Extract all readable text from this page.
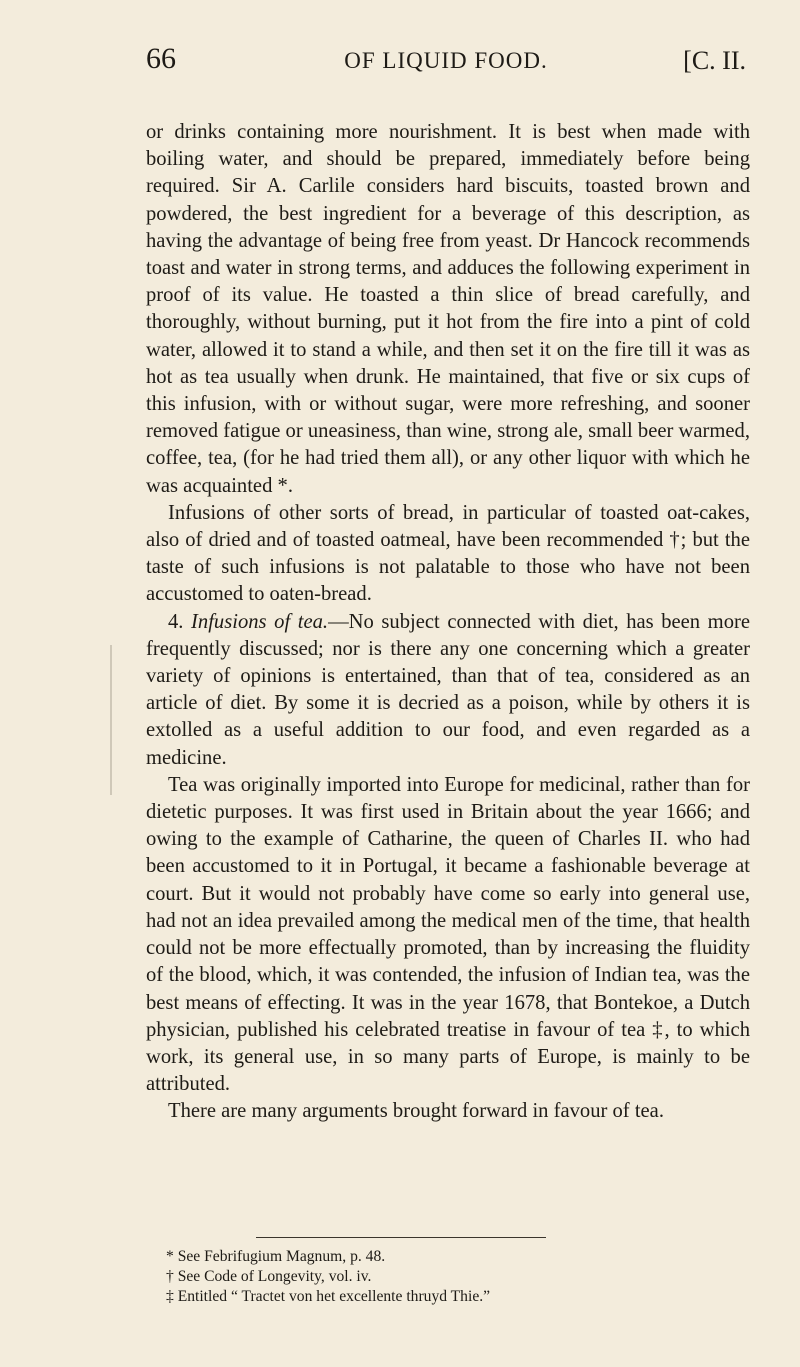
66	OF LIQUID FOOD.	[C. II.

or drinks containing more nourishment. It is best when made with boiling water, and should be prepared, immediately before being required. Sir A. Carlile considers hard biscuits, toasted brown and powdered, the best ingredient for a beverage of this description, as having the advantage of being free from yeast. Dr Hancock recommends toast and water in strong terms, and adduces the following experiment in proof of its value. He toasted a thin slice of bread carefully, and thoroughly, without burning, put it hot from the fire into a pint of cold water, allowed it to stand a while, and then set it on the fire till it was as hot as tea usually when drunk. He maintained, that five or six cups of this infusion, with or without sugar, were more refreshing, and sooner removed fatigue or uneasiness, than wine, strong ale, small beer warmed, coffee, tea, (for he had tried them all), or any other liquor with which he was acquainted *.

Infusions of other sorts of bread, in particular of toasted oat-cakes, also of dried and of toasted oatmeal, have been recommended †; but the taste of such infusions is not palatable to those who have not been accustomed to oaten-bread.

4. Infusions of tea.—No subject connected with diet, has been more frequently discussed; nor is there any one concerning which a greater variety of opinions is entertained, than that of tea, considered as an article of diet. By some it is decried as a poison, while by others it is extolled as a useful addition to our food, and even regarded as a medicine.

Tea was originally imported into Europe for medicinal, rather than for dietetic purposes. It was first used in Britain about the year 1666; and owing to the example of Catharine, the queen of Charles II. who had been accustomed to it in Portugal, it became a fashionable beverage at court. But it would not probably have come so early into general use, had not an idea prevailed among the medical men of the time, that health could not be more effectually promoted, than by increasing the fluidity of the blood, which, it was contended, the infusion of Indian tea, was the best means of effecting. It was in the year 1678, that Bontekoe, a Dutch physician, published his celebrated treatise in favour of tea ‡, to which work, its general use, in so many parts of Europe, is mainly to be attributed.

There are many arguments brought forward in favour of tea.

* See Febrifugium Magnum, p. 48.
† See Code of Longevity, vol. iv.
‡ Entitled “ Tractet von het excellente thruyd Thie.”
